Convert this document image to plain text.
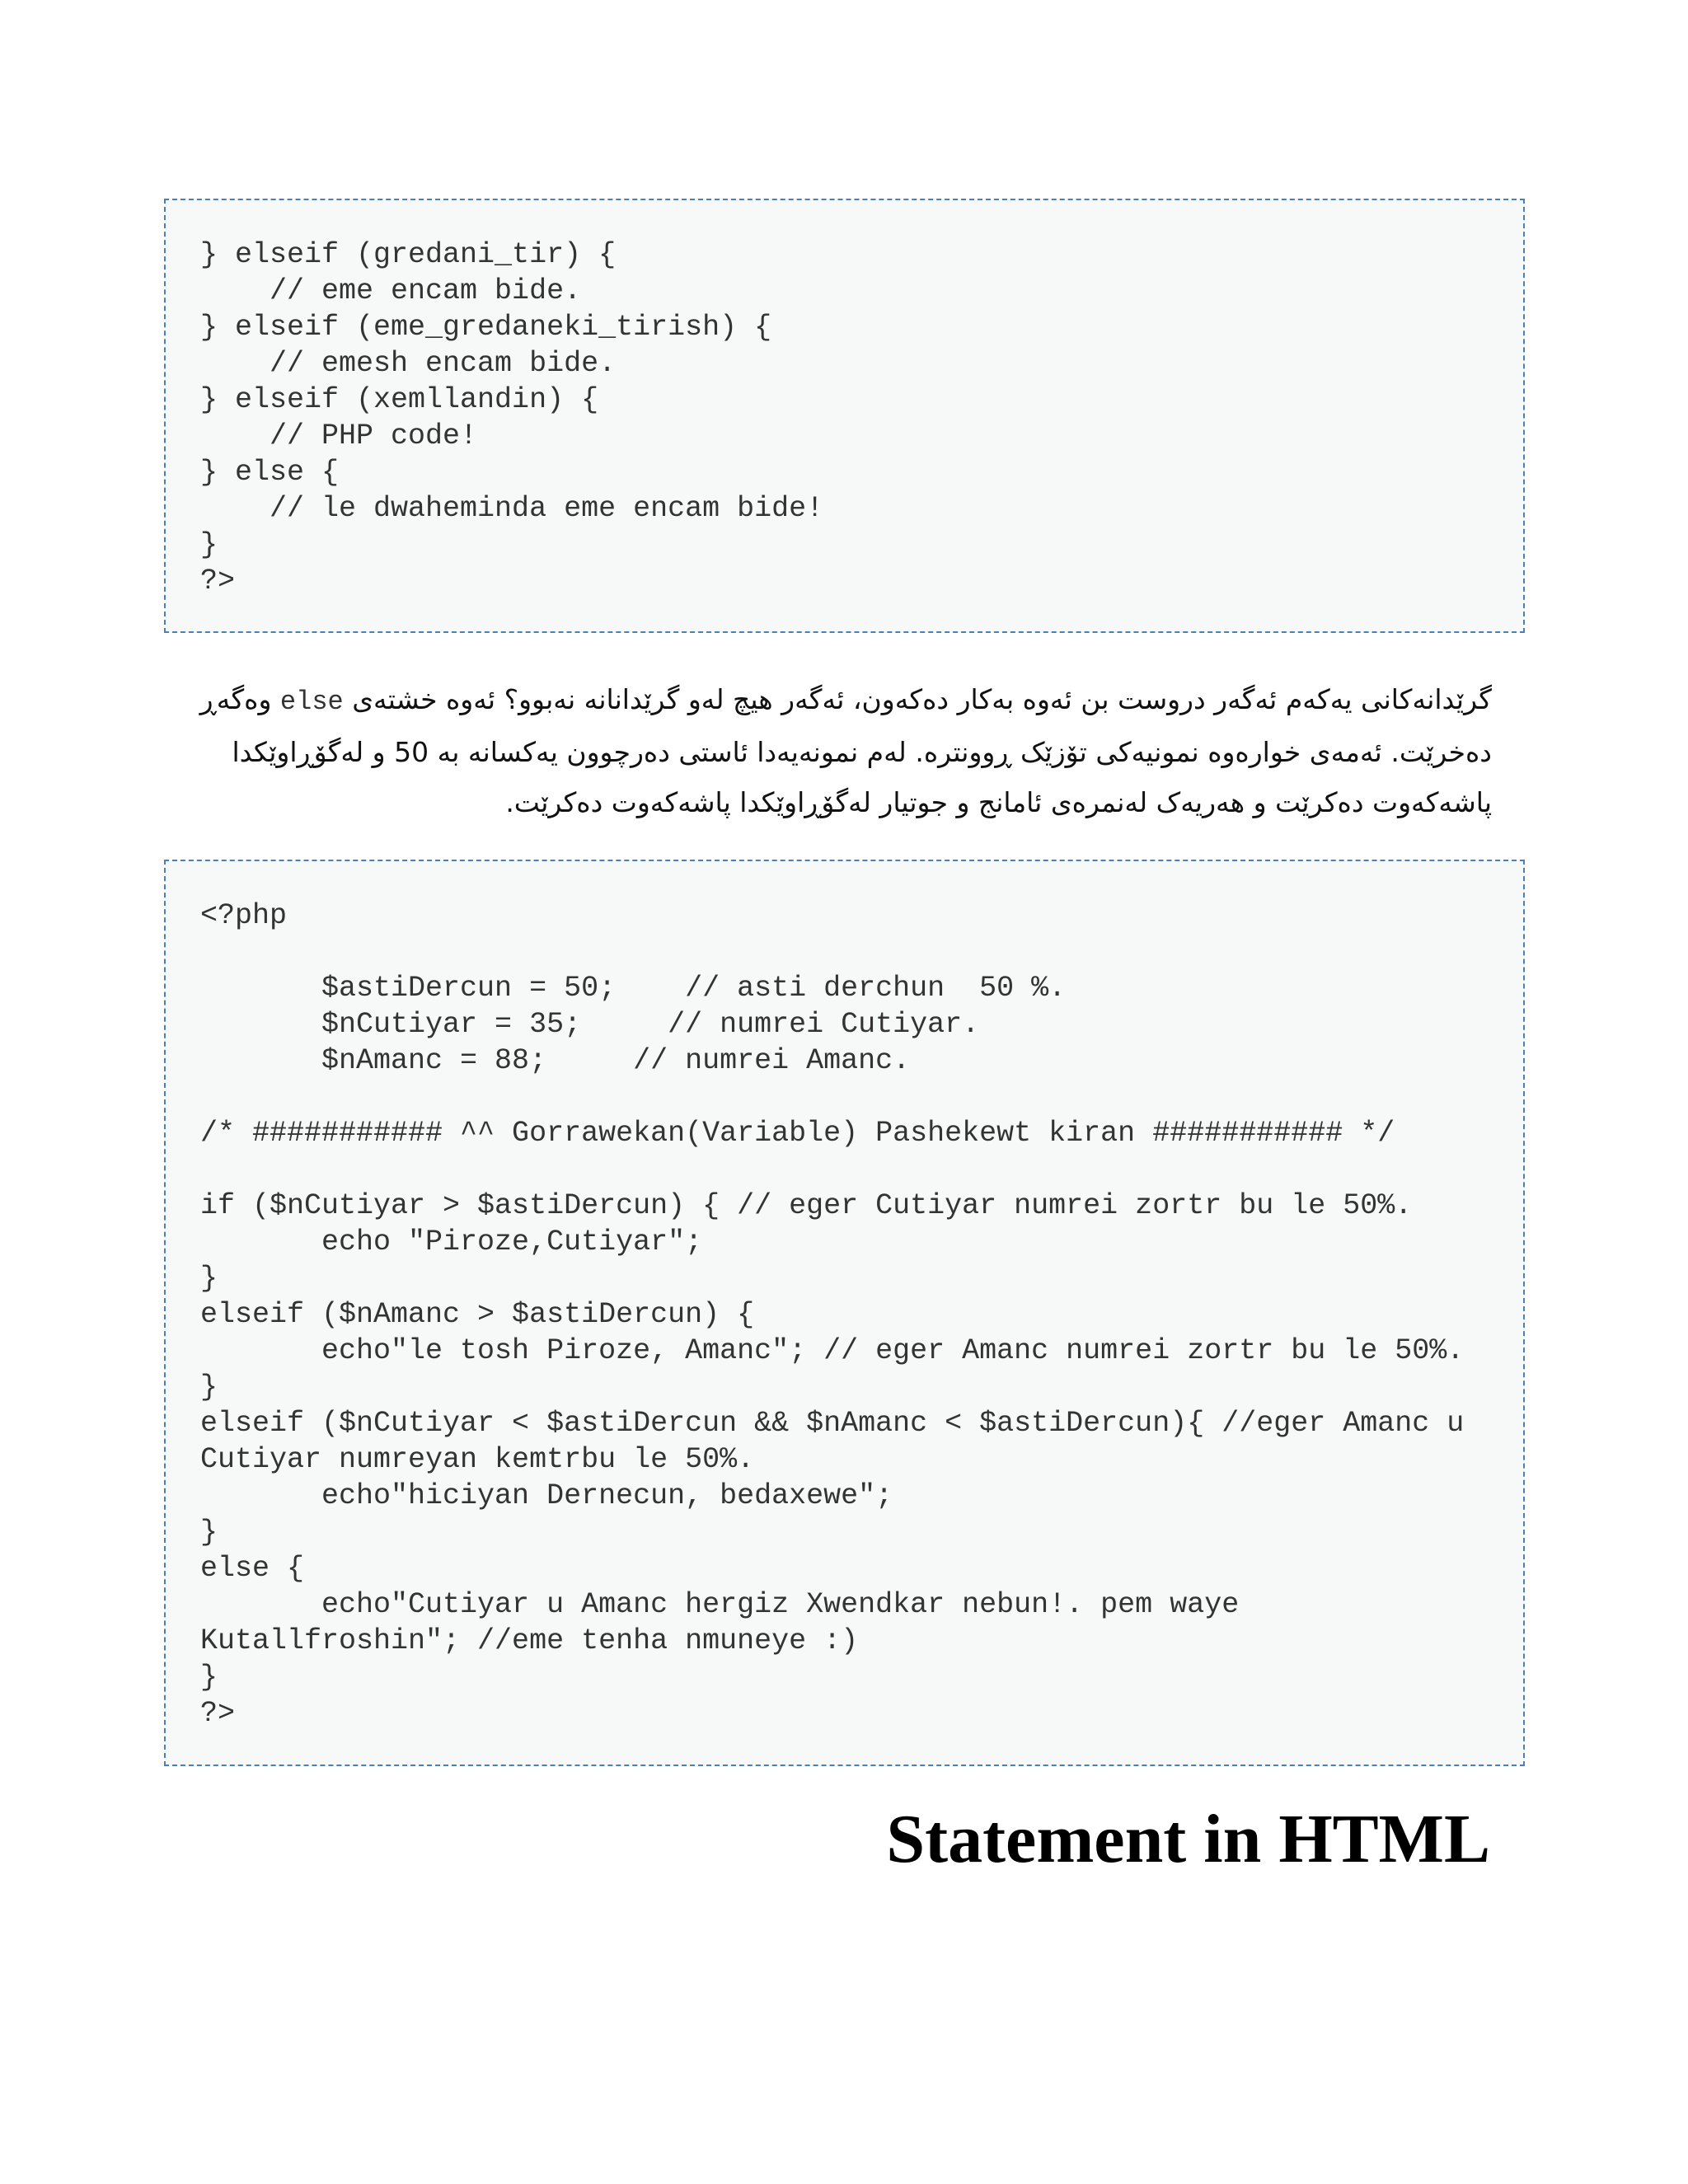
} elseif (gredani_tir) {
// eme encam bide.
} elseif (eme_gredaneki_tirish) {
// emesh encam bide.
} elseif (xemllandin) {
// PHP code!
} else {
// le dwaheminda eme encam bide!
}
?>
گرێدانەکانی یەکەم ئەگەر دروست بن ئەوە بەکار دەکەون، ئەگەر هیچ لەو گرێدانانە نەبوو؟ ئەوە خشتەی else وەگەڕ
دەخرێت. ئەمەی خوارەوە نمونیەکی تۆزێک ڕوونترە. لەم نمونەیەدا ئاستی دەرچوون یەکسانە بە 50 و لەگۆڕاوێکدا
پاشەکەوت دەکرێت و هەریەک لەنمرەی ئامانج و جوتیار لەگۆڕاوێکدا پاشەکەوت دەکرێت.
<?php
$astiDercun = 50;    // asti derchun  50 %.
$nCutiyar = 35;     // numrei Cutiyar.
$nAmanc = 88;     // numrei Amanc.
/* ########### ^^ Gorrawekan(Variable) Pashekewt kiran ########### */
if ($nCutiyar > $astiDercun) { // eger Cutiyar numrei zortr bu le 50%.
echo "Piroze,Cutiyar";
}
elseif ($nAmanc > $astiDercun) {
echo"le tosh Piroze, Amanc"; // eger Amanc numrei zortr bu le 50%.
}
elseif ($nCutiyar < $astiDercun && $nAmanc < $astiDercun){ //eger Amanc u
Cutiyar numreyan kemtrbu le 50%.
echo"hiciyan Dernecun, bedaxewe";
}
else {
echo"Cutiyar u Amanc hergiz Xwendkar nebun!. pem waye
Kutallfroshin"; //eme tenha nmuneye :)
}
?>
Statement in HTML
